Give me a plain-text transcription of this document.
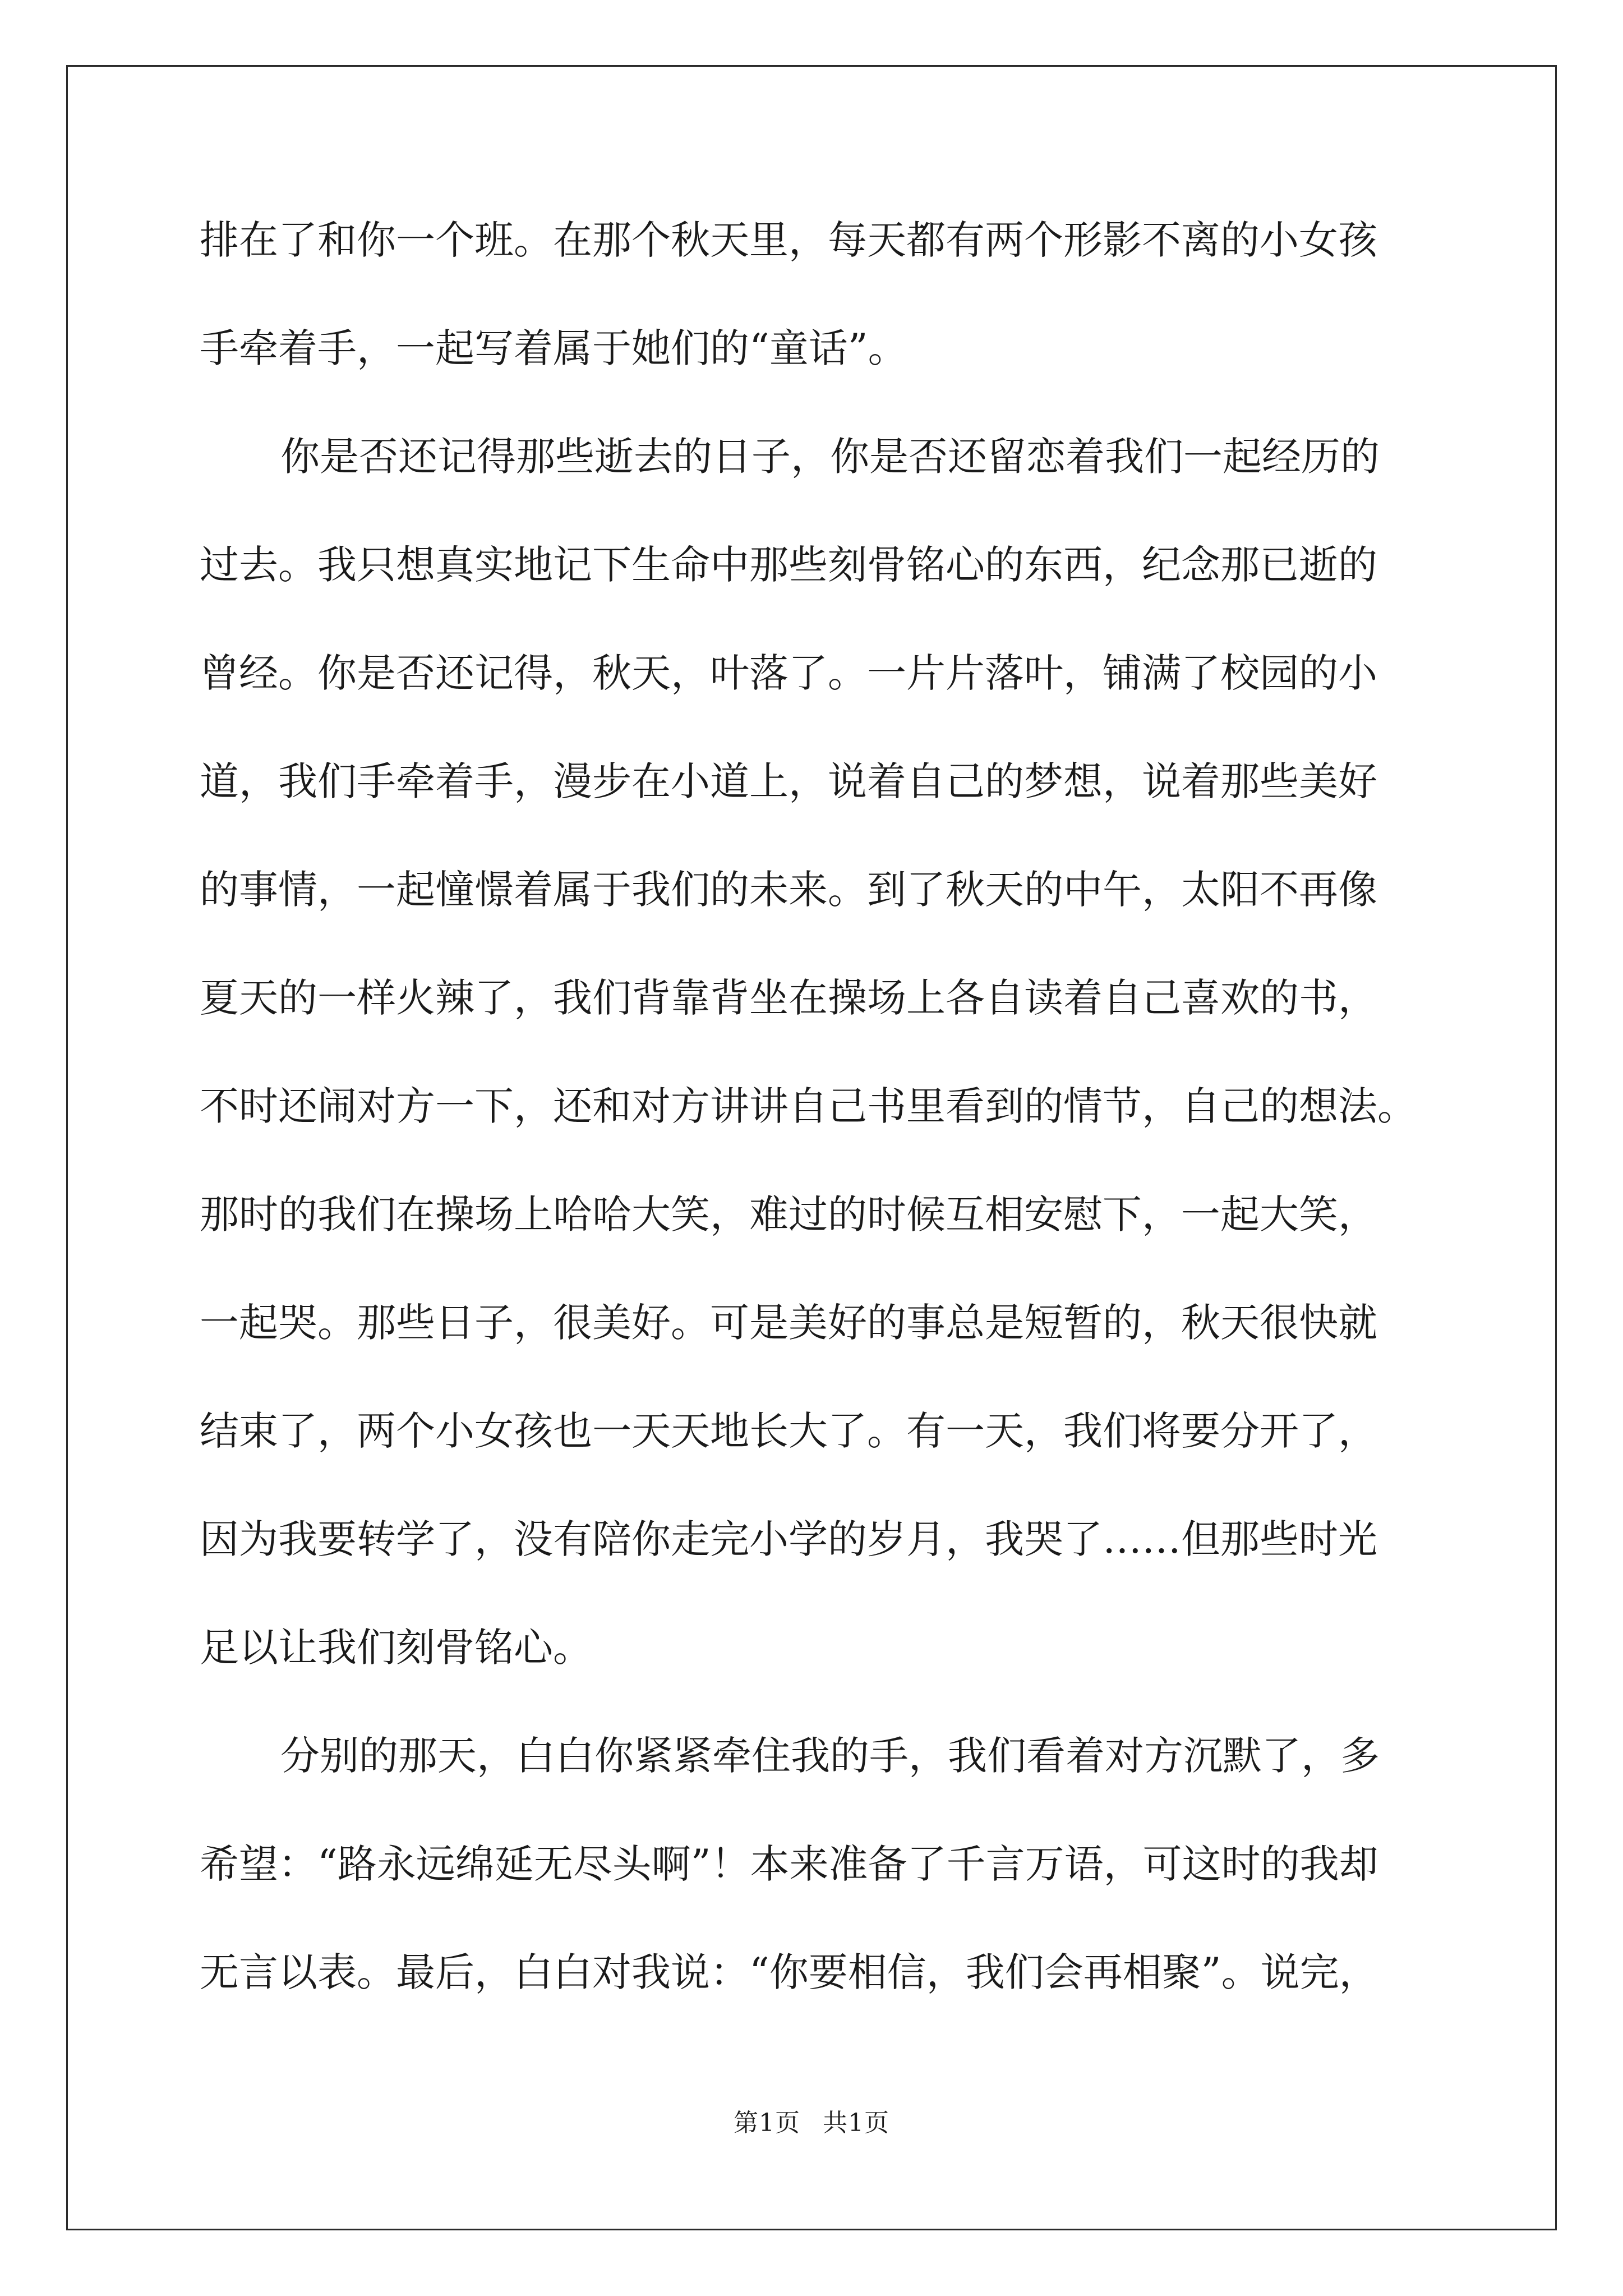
排在了和你一个班。在那个秋天里，每天都有两个形影不离的小女孩
手牵着手，一起写着属于她们的“童话”。
你是否还记得那些逝去的日子，你是否还留恋着我们一起经历的
过去。我只想真实地记下生命中那些刻骨铭心的东西，纪念那已逝的
曾经。你是否还记得，秋天，叶落了。一片片落叶，铺满了校园的小
道，我们手牵着手，漫步在小道上，说着自己的梦想，说着那些美好
的事情，一起憧憬着属于我们的未来。到了秋天的中午，太阳不再像
夏天的一样火辣了，我们背靠背坐在操场上各自读着自己喜欢的书，
不时还闹对方一下，还和对方讲讲自己书里看到的情节，自己的想法。
那时的我们在操场上哈哈大笑，难过的时候互相安慰下，一起大笑，
一起哭。那些日子，很美好。可是美好的事总是短暂的，秋天很快就
结束了，两个小女孩也一天天地长大了。有一天，我们将要分开了，
因为我要转学了，没有陪你走完小学的岁月，我哭了……但那些时光
足以让我们刻骨铭心。
分别的那天，白白你紧紧牵住我的手，我们看着对方沉默了，多
希望：“路永远绵延无尽头啊”！本来准备了千言万语，可这时的我却
无言以表。最后，白白对我说：“你要相信，我们会再相聚”。说完，
第1页 共1页
